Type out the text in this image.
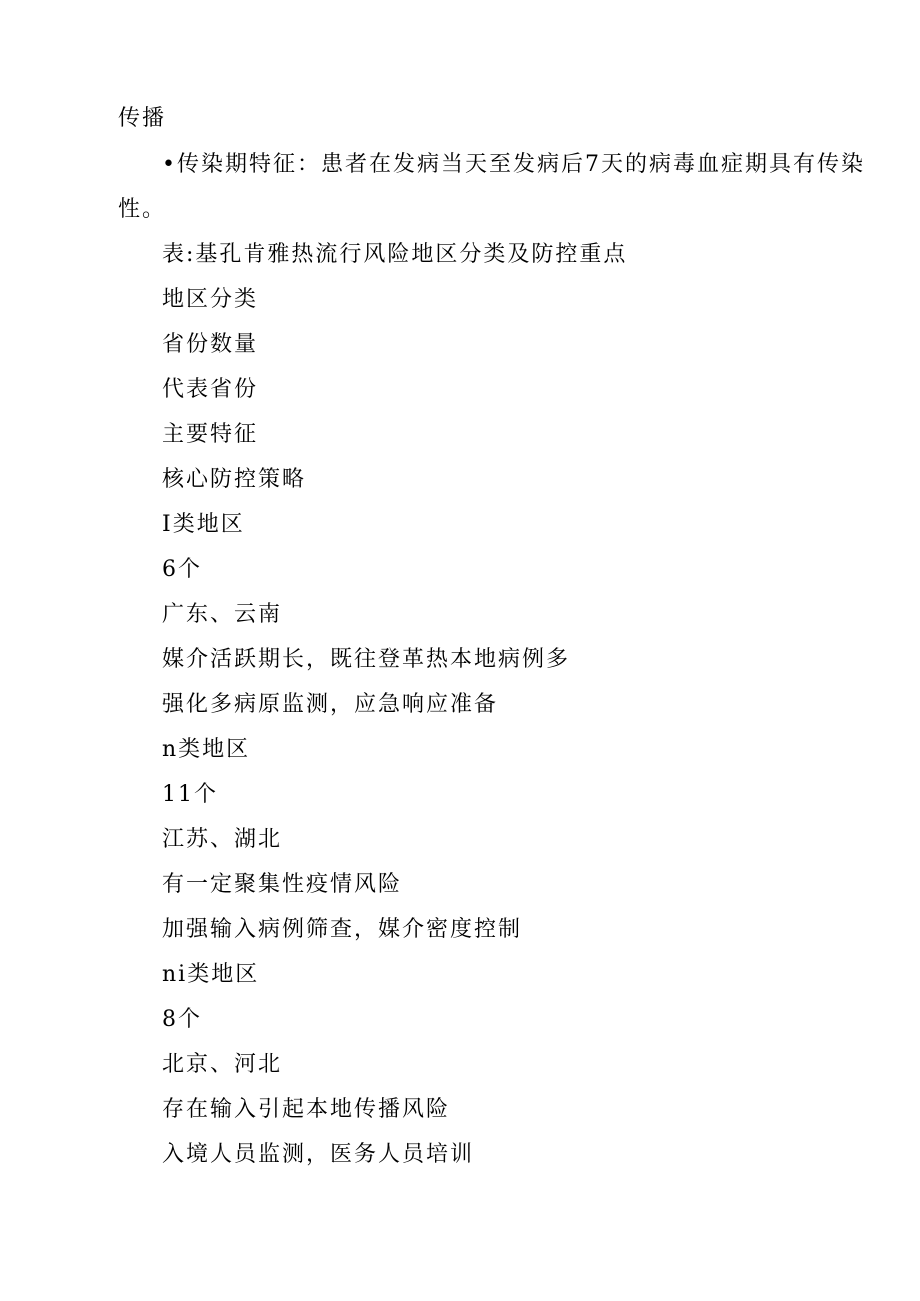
传播
•传染期特征：患者在发病当天至发病后7天的病毒血症期具有传染
性。
表:基孔肯雅热流行风险地区分类及防控重点
地区分类
省份数量
代表省份
主要特征
核心防控策略
I类地区
6个
广东、云南
媒介活跃期长，既往登革热本地病例多
强化多病原监测，应急响应准备
n类地区
11个
江苏、湖北
有一定聚集性疫情风险
加强输入病例筛查，媒介密度控制
ni类地区
8个
北京、河北
存在输入引起本地传播风险
入境人员监测，医务人员培训
